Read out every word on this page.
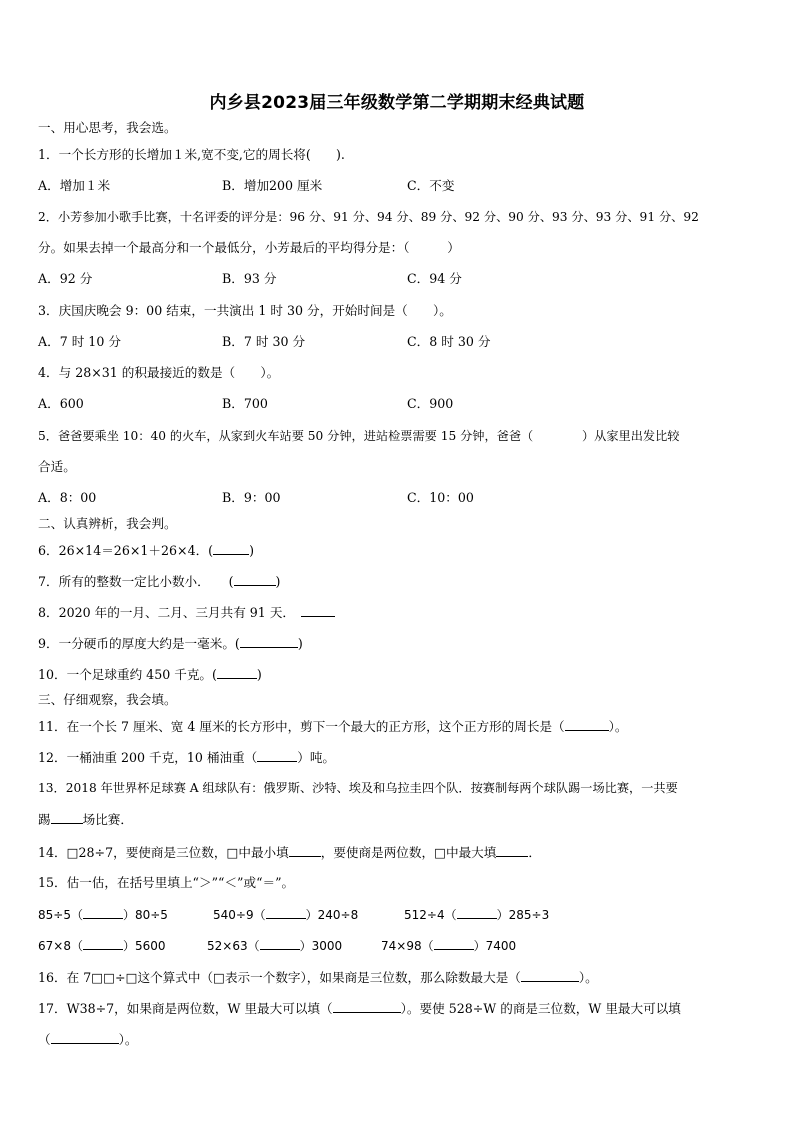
内乡县2023届三年级数学第二学期期末经典试题
一、用心思考，我会选。
1．一个长方形的长增加１米,宽不变,它的周长将(　　).
A．增加１米	B．增加200 厘米	C．不变
2．小芳参加小歌手比赛，十名评委的评分是：96 分、91 分、94 分、89 分、92 分、90 分、93 分、93 分、91 分、92
分。如果去掉一个最高分和一个最低分，小芳最后的平均得分是：（　　　）
A．92 分	B．93 分	C．94 分
3．庆国庆晚会 9：00 结束，一共演出 1 时 30 分，开始时间是（　　）。
A．7 时 10 分	B．7 时 30 分	C．8 时 30 分
4．与 28×31 的积最接近的数是（　　）。
A．600	B．700	C．900
5．爸爸要乘坐 10：40 的火车，从家到火车站要 50 分钟，进站检票需要 15 分钟，爸爸（　　　　）从家里出发比较
合适。
A．8：00	B．9：00	C．10：00
二、认真辨析，我会判。
6．26×14＝26×1＋26×4．(	)
7．所有的整数一定比小数小．　　(	)
8．2020 年的一月、二月、三月共有 91 天．
9．一分硬币的厚度大约是一毫米。(	)
10．一个足球重约 450 千克。(	)
三、仔细观察，我会填。
11．在一个长 7 厘米、宽 4 厘米的长方形中，剪下一个最大的正方形，这个正方形的周长是（	）。
12．一桶油重 200 千克，10 桶油重（	）吨。
13．2018 年世界杯足球赛 A 组球队有：俄罗斯、沙特、埃及和乌拉圭四个队．按赛制每两个球队踢一场比赛，一共要
踢	场比赛．
14．□28÷7，要使商是三位数，□中最小填	，要使商是两位数，□中最大填	．
15．估一估，在括号里填上“＞”“＜”或“＝”。
85÷5（	）80÷5	540÷9（	）240÷8	512÷4（	）285÷3
67×8（	）5600	52×63（	）3000	74×98（	）7400
16．在 7□□÷□这个算式中（□表示一个数字），如果商是三位数，那么除数最大是（	）。
17．W38÷7，如果商是两位数，W 里最大可以填（	）。要使 528÷W 的商是三位数，W 里最大可以填
（	）。
